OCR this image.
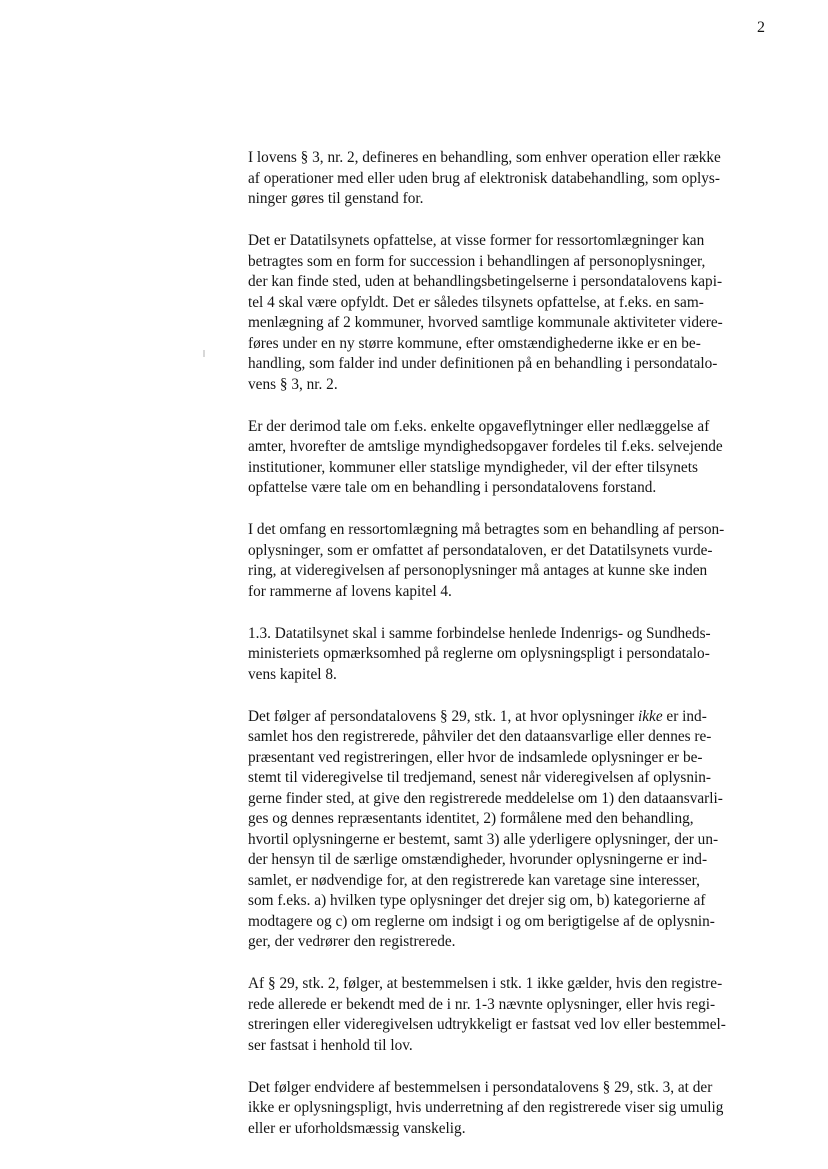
2

I lovens § 3, nr. 2, defineres en behandling, som enhver operation eller række
af operationer med eller uden brug af elektronisk databehandling, som oplys-
ninger gøres til genstand for.

Det er Datatilsynets opfattelse, at visse former for ressortomlægninger kan
betragtes som en form for succession i behandlingen af personoplysninger,
der kan finde sted, uden at behandlingsbetingelserne i persondatalovens kapi-
tel 4 skal være opfyldt. Det er således tilsynets opfattelse, at f.eks. en sam-
menlægning af 2 kommuner, hvorved samtlige kommunale aktiviteter videre-
føres under en ny større kommune, efter omstændighederne ikke er en be-
handling, som falder ind under definitionen på en behandling i persondatalo-
vens § 3, nr. 2.

Er der derimod tale om f.eks. enkelte opgaveflytninger eller nedlæggelse af
amter, hvorefter de amtslige myndighedsopgaver fordeles til f.eks. selvejende
institutioner, kommuner eller statslige myndigheder, vil der efter tilsynets
opfattelse være tale om en behandling i persondatalovens forstand.

I det omfang en ressortomlægning må betragtes som en behandling af person-
oplysninger, som er omfattet af persondataloven, er det Datatilsynets vurde-
ring, at videregivelsen af personoplysninger må antages at kunne ske inden
for rammerne af lovens kapitel 4.

1.3. Datatilsynet skal i samme forbindelse henlede Indenrigs- og Sundheds-
ministeriets opmærksomhed på reglerne om oplysningspligt i persondatalo-
vens kapitel 8.

Det følger af persondatalovens § 29, stk. 1, at hvor oplysninger ikke er ind-
samlet hos den registrerede, påhviler det den dataansvarlige eller dennes re-
præsentant ved registreringen, eller hvor de indsamlede oplysninger er be-
stemt til videregivelse til tredjemand, senest når videregivelsen af oplysnin-
gerne finder sted, at give den registrerede meddelelse om 1) den dataansvarli-
ges og dennes repræsentants identitet, 2) formålene med den behandling,
hvortil oplysningerne er bestemt, samt 3) alle yderligere oplysninger, der un-
der hensyn til de særlige omstændigheder, hvorunder oplysningerne er ind-
samlet, er nødvendige for, at den registrerede kan varetage sine interesser,
som f.eks. a) hvilken type oplysninger det drejer sig om, b) kategorierne af
modtagere og c) om reglerne om indsigt i og om berigtigelse af de oplysnin-
ger, der vedrører den registrerede.

Af § 29, stk. 2, følger, at bestemmelsen i stk. 1 ikke gælder, hvis den registre-
rede allerede er bekendt med de i nr. 1-3 nævnte oplysninger, eller hvis regi-
streringen eller videregivelsen udtrykkeligt er fastsat ved lov eller bestemmel-
ser fastsat i henhold til lov.

Det følger endvidere af bestemmelsen i persondatalovens § 29, stk. 3, at der
ikke er oplysningspligt, hvis underretning af den registrerede viser sig umulig
eller er uforholdsmæssig vanskelig.
